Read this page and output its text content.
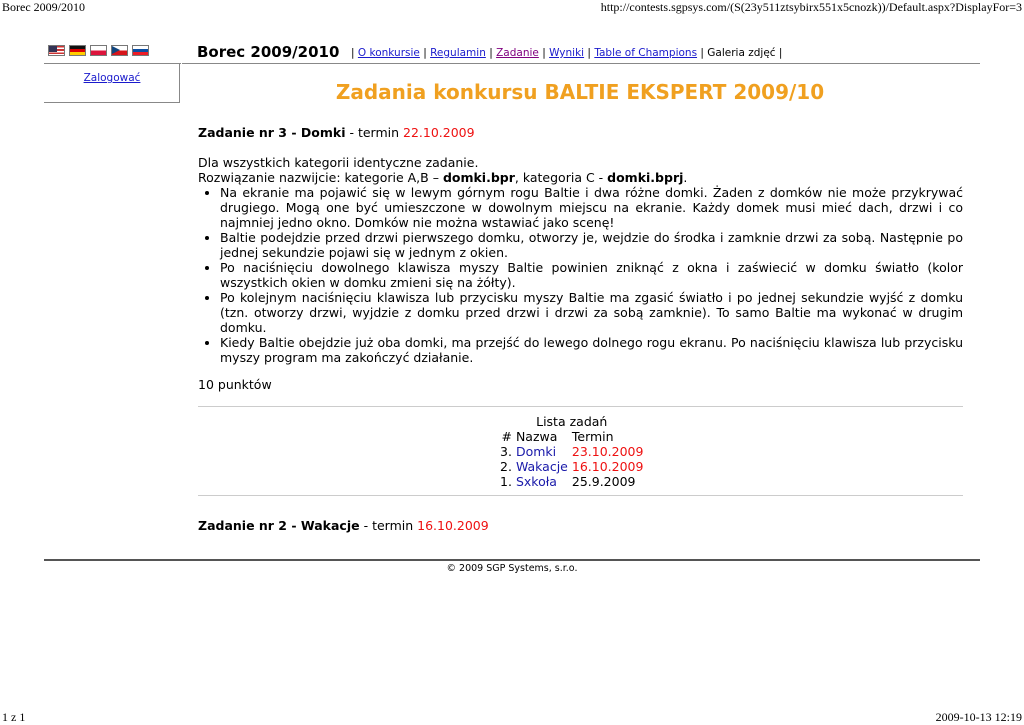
Borec 2009/2010	http://contests.sgpsys.com/(S(23y511ztsybirx551x5cnozk))/Default.aspx?DisplayFor=3
Borec 2009/2010 | O konkursie | Regulamin | Zadanie | Wyniki | Table of Champions | Galeria zdjęć |
Zalogować
Zadania konkursu BALTIE EKSPERT 2009/10

Zadanie nr 3 - Domki - termin 22.10.2009

Dla wszystkich kategorii identyczne zadanie.

Rozwiązanie nazwijcie: kategorie A,B – domki.bpr, kategoria C - domki.bprj.

• Na ekranie ma pojawić się w lewym górnym rogu Baltie i dwa różne domki. Żaden z domków nie może przykrywać drugiego. Mogą one być umieszczone w dowolnym miejscu na ekranie. Każdy domek musi mieć dach, drzwi i co najmniej jedno okno. Domków nie można wstawiać jako scenę!
• Baltie podejdzie przed drzwi pierwszego domku, otworzy je, wejdzie do środka i zamknie drzwi za sobą. Następnie po jednej sekundzie pojawi się w jednym z okien.
• Po naciśnięciu dowolnego klawisza myszy Baltie powinien zniknąć z okna i zaświecić w domku światło (kolor wszystkich okien w domku zmieni się na żółty).
• Po kolejnym naciśnięciu klawisza lub przycisku myszy Baltie ma zgasić światło i po jednej sekundzie wyjść z domku (tzn. otworzy drzwi, wyjdzie z domku przed drzwi i drzwi za sobą zamknie). To samo Baltie ma wykonać w drugim domku.
• Kiedy Baltie obejdzie już oba domki, ma przejść do lewego dolnego rogu ekranu. Po naciśnięciu klawisza lub przycisku myszy program ma zakończyć działanie.

10 punktów

Lista zadań		
#	Nazwa	Termin
3.	Domki	23.10.2009
2.	Wakacje	16.10.2009
1.	Sxkoła	25.9.2009
Zadanie nr 2 - Wakacje - termin 16.10.2009
© 2009 SGP Systems, s.r.o.
1 z 1	2009-10-13 12:19
